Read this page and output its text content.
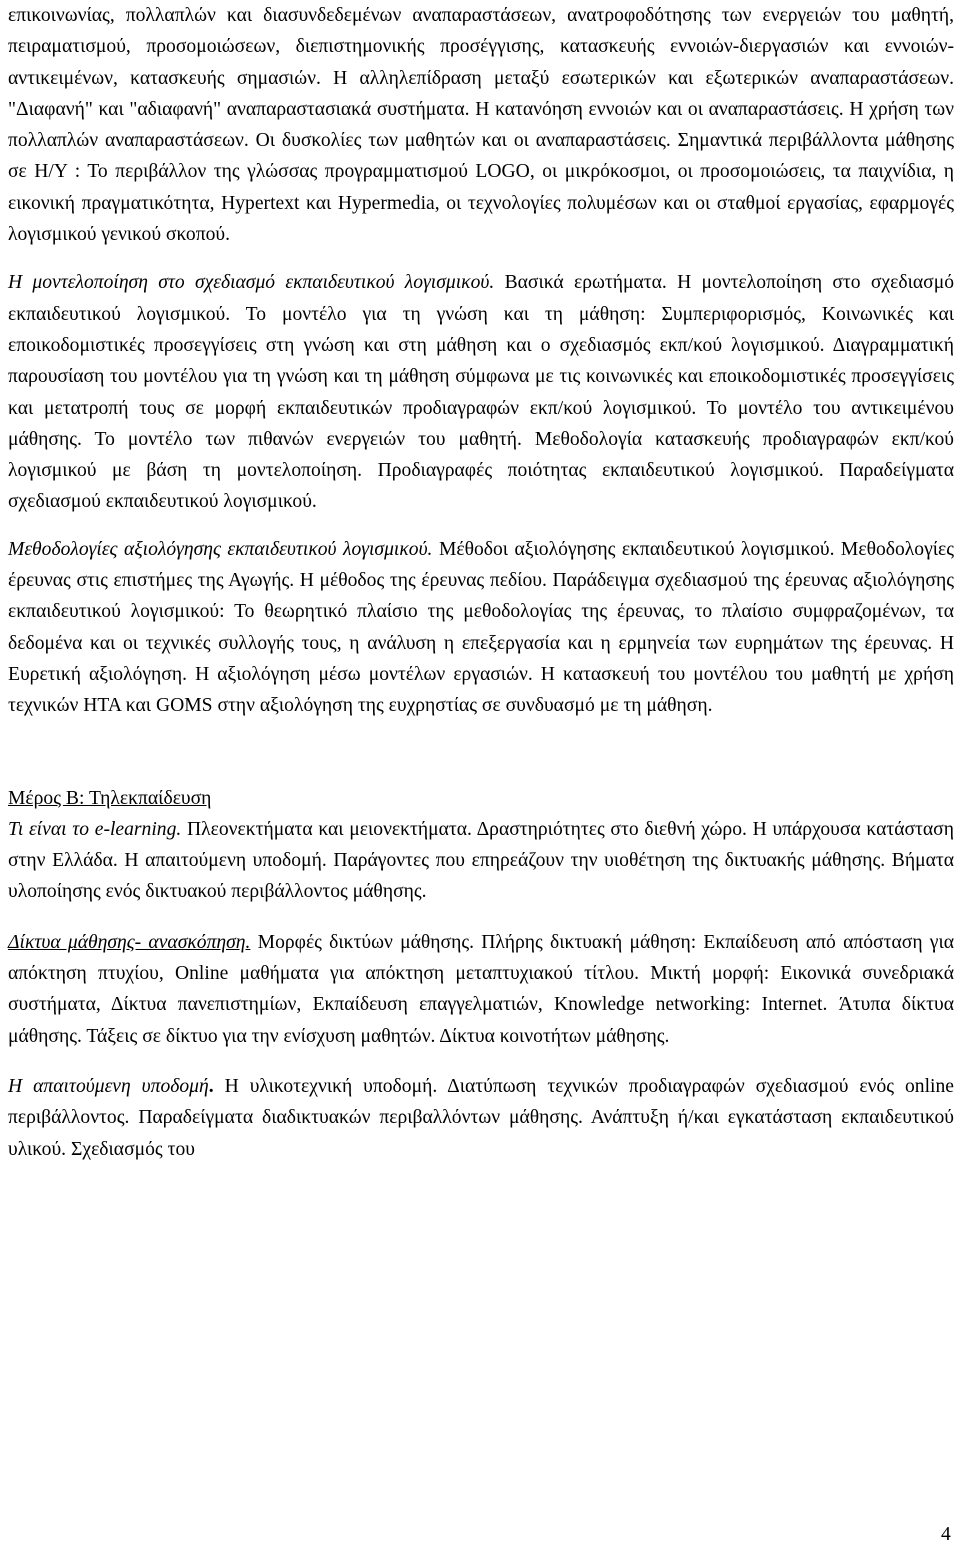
επικοινωνίας, πολλαπλών και διασυνδεδεμένων αναπαραστάσεων, ανατροφοδότησης των ενεργειών του μαθητή, πειραματισμού, προσομοιώσεων, διεπιστημονικής προσέγγισης, κατασκευής εννοιών-διεργασιών και εννοιών-αντικειμένων, κατασκευής σημασιών. Η αλληλεπίδραση μεταξύ εσωτερικών και εξωτερικών αναπαραστάσεων. "Διαφανή" και "αδιαφανή" αναπαραστασιακά συστήματα. Η κατανόηση εννοιών και οι αναπαραστάσεις. Η χρήση των πολλαπλών αναπαραστάσεων. Οι δυσκολίες των μαθητών και οι αναπαραστάσεις. Σημαντικά περιβάλλοντα μάθησης σε Η/Υ : Το περιβάλλον της γλώσσας προγραμματισμού LOGO, οι μικρόκοσμοι, οι προσομοιώσεις, τα παιχνίδια, η εικονική πραγματικότητα, Hypertext και Hypermedia, οι τεχνολογίες πολυμέσων και οι σταθμοί εργασίας, εφαρμογές λογισμικού γενικού σκοπού.

Η μοντελοποίηση στο σχεδιασμό εκπαιδευτικού λογισμικού. Βασικά ερωτήματα. Η μοντελοποίηση στο σχεδιασμό εκπαιδευτικού λογισμικού. Το μοντέλο για τη γνώση και τη μάθηση: Συμπεριφορισμός, Κοινωνικές και εποικοδομιστικές προσεγγίσεις στη γνώση και στη μάθηση και ο σχεδιασμός εκπ/κού λογισμικού. Διαγραμματική παρουσίαση του μοντέλου για τη γνώση και τη μάθηση σύμφωνα με τις κοινωνικές και εποικοδομιστικές προσεγγίσεις και μετατροπή τους σε μορφή εκπαιδευτικών προδιαγραφών εκπ/κού λογισμικού. Το μοντέλο του αντικειμένου μάθησης. Το μοντέλο των πιθανών ενεργειών του μαθητή. Μεθοδολογία κατασκευής προδιαγραφών εκπ/κού λογισμικού με βάση τη μοντελοποίηση. Προδιαγραφές ποιότητας εκπαιδευτικού λογισμικού. Παραδείγματα σχεδιασμού εκπαιδευτικού λογισμικού.

Μεθοδολογίες αξιολόγησης εκπαιδευτικού λογισμικού. Μέθοδοι αξιολόγησης εκπαιδευτικού λογισμικού. Μεθοδολογίες έρευνας στις επιστήμες της Αγωγής. Η μέθοδος της έρευνας πεδίου. Παράδειγμα σχεδιασμού της έρευνας αξιολόγησης εκπαιδευτικού λογισμικού: Το θεωρητικό πλαίσιο της μεθοδολογίας της έρευνας, το πλαίσιο συμφραζομένων, τα δεδομένα και οι τεχνικές συλλογής τους, η ανάλυση η επεξεργασία και η ερμηνεία των ευρημάτων της έρευνας. Η Ευρετική αξιολόγηση. Η αξιολόγηση μέσω μοντέλων εργασιών. Η κατασκευή του μοντέλου του μαθητή με χρήση τεχνικών HTA και GOMS στην αξιολόγηση της ευχρηστίας σε συνδυασμό με τη μάθηση.

Μέρος Β: Τηλεκπαίδευση

Τι είναι το e-learning. Πλεονεκτήματα και μειονεκτήματα. Δραστηριότητες στο διεθνή χώρο. Η υπάρχουσα κατάσταση στην Ελλάδα. Η απαιτούμενη υποδομή. Παράγοντες που επηρεάζουν την υιοθέτηση της δικτυακής μάθησης. Βήματα υλοποίησης ενός δικτυακού περιβάλλοντος μάθησης.

Δίκτυα μάθησης- ανασκόπηση. Μορφές δικτύων μάθησης. Πλήρης δικτυακή μάθηση: Εκπαίδευση από απόσταση για απόκτηση πτυχίου, Online μαθήματα για απόκτηση μεταπτυχιακού τίτλου. Μικτή μορφή: Εικονικά συνεδριακά συστήματα, Δίκτυα πανεπιστημίων, Εκπαίδευση επαγγελματιών, Knowledge networking: Internet. Άτυπα δίκτυα μάθησης. Τάξεις σε δίκτυο για την ενίσχυση μαθητών. Δίκτυα κοινοτήτων μάθησης.

Η απαιτούμενη υποδομή. Η υλικοτεχνική υποδομή. Διατύπωση τεχνικών προδιαγραφών σχεδιασμού ενός online περιβάλλοντος. Παραδείγματα διαδικτυακών περιβαλλόντων μάθησης. Ανάπτυξη ή/και εγκατάσταση εκπαιδευτικού υλικού. Σχεδιασμός του

4
